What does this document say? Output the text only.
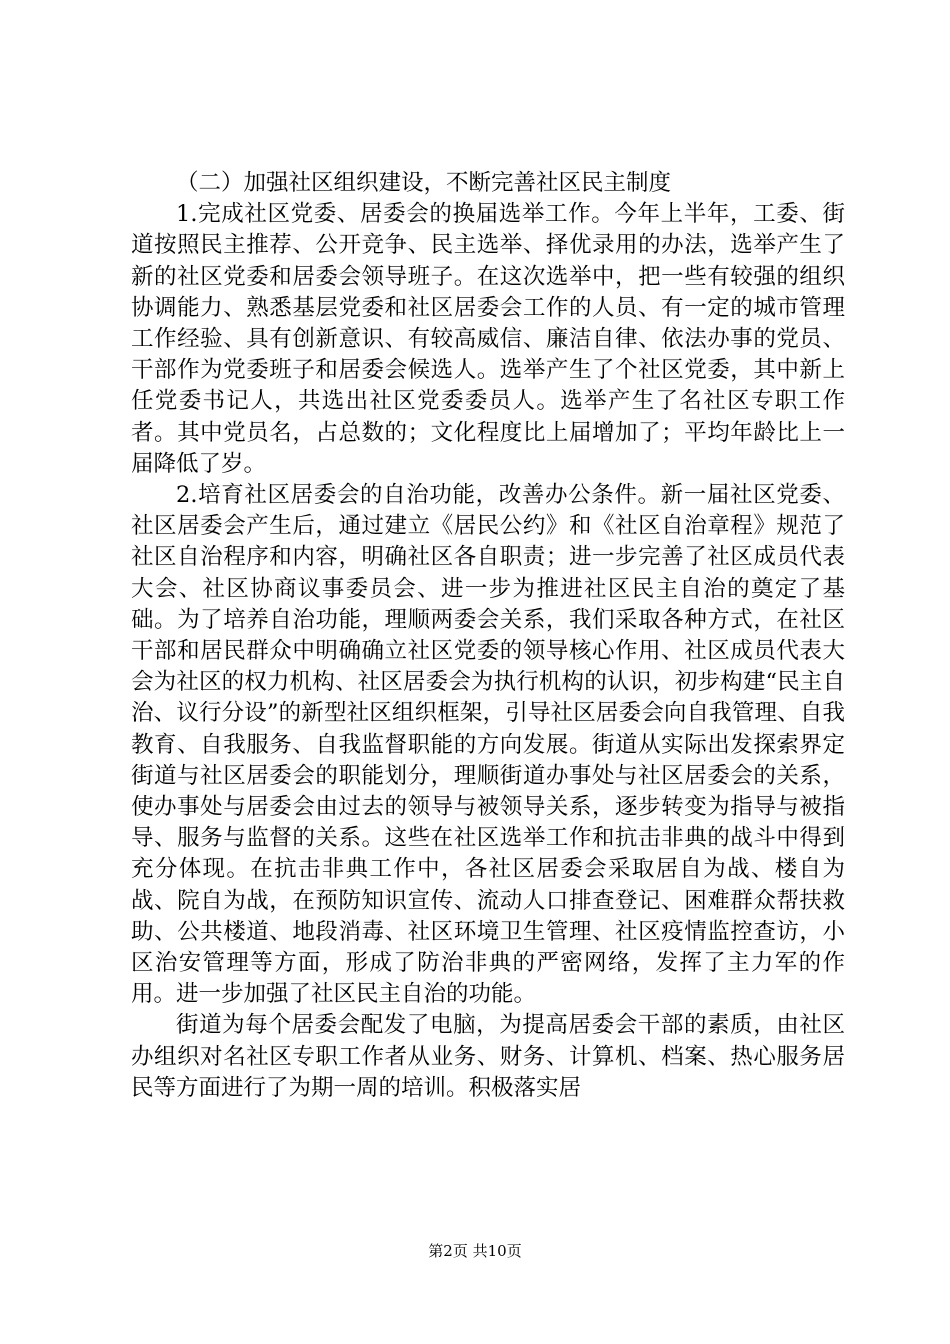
（二）加强社区组织建设，不断完善社区民主制度

1.完成社区党委、居委会的换届选举工作。今年上半年，工委、街道按照民主推荐、公开竞争、民主选举、择优录用的办法，选举产生了新的社区党委和居委会领导班子。在这次选举中，把一些有较强的组织协调能力、熟悉基层党委和社区居委会工作的人员、有一定的城市管理工作经验、具有创新意识、有较高威信、廉洁自律、依法办事的党员、干部作为党委班子和居委会候选人。选举产生了个社区党委，其中新上任党委书记人，共选出社区党委委员人。选举产生了名社区专职工作者。其中党员名，占总数的；文化程度比上届增加了；平均年龄比上一届降低了岁。

2.培育社区居委会的自治功能，改善办公条件。新一届社区党委、社区居委会产生后，通过建立《居民公约》和《社区自治章程》规范了社区自治程序和内容，明确社区各自职责；进一步完善了社区成员代表大会、社区协商议事委员会、进一步为推进社区民主自治的奠定了基础。为了培养自治功能，理顺两委会关系，我们采取各种方式，在社区干部和居民群众中明确确立社区党委的领导核心作用、社区成员代表大会为社区的权力机构、社区居委会为执行机构的认识，初步构建“民主自治、议行分设”的新型社区组织框架，引导社区居委会向自我管理、自我教育、自我服务、自我监督职能的方向发展。街道从实际出发探索界定街道与社区居委会的职能划分，理顺街道办事处与社区居委会的关系，使办事处与居委会由过去的领导与被领导关系，逐步转变为指导与被指导、服务与监督的关系。这些在社区选举工作和抗击非典的战斗中得到充分体现。在抗击非典工作中，各社区居委会采取居自为战、楼自为战、院自为战，在预防知识宣传、流动人口排查登记、困难群众帮扶救助、公共楼道、地段消毒、社区环境卫生管理、社区疫情监控查访，小区治安管理等方面，形成了防治非典的严密网络，发挥了主力军的作用。进一步加强了社区民主自治的功能。

街道为每个居委会配发了电脑，为提高居委会干部的素质，由社区办组织对名社区专职工作者从业务、财务、计算机、档案、热心服务居民等方面进行了为期一周的培训。积极落实居

第2页 共10页
